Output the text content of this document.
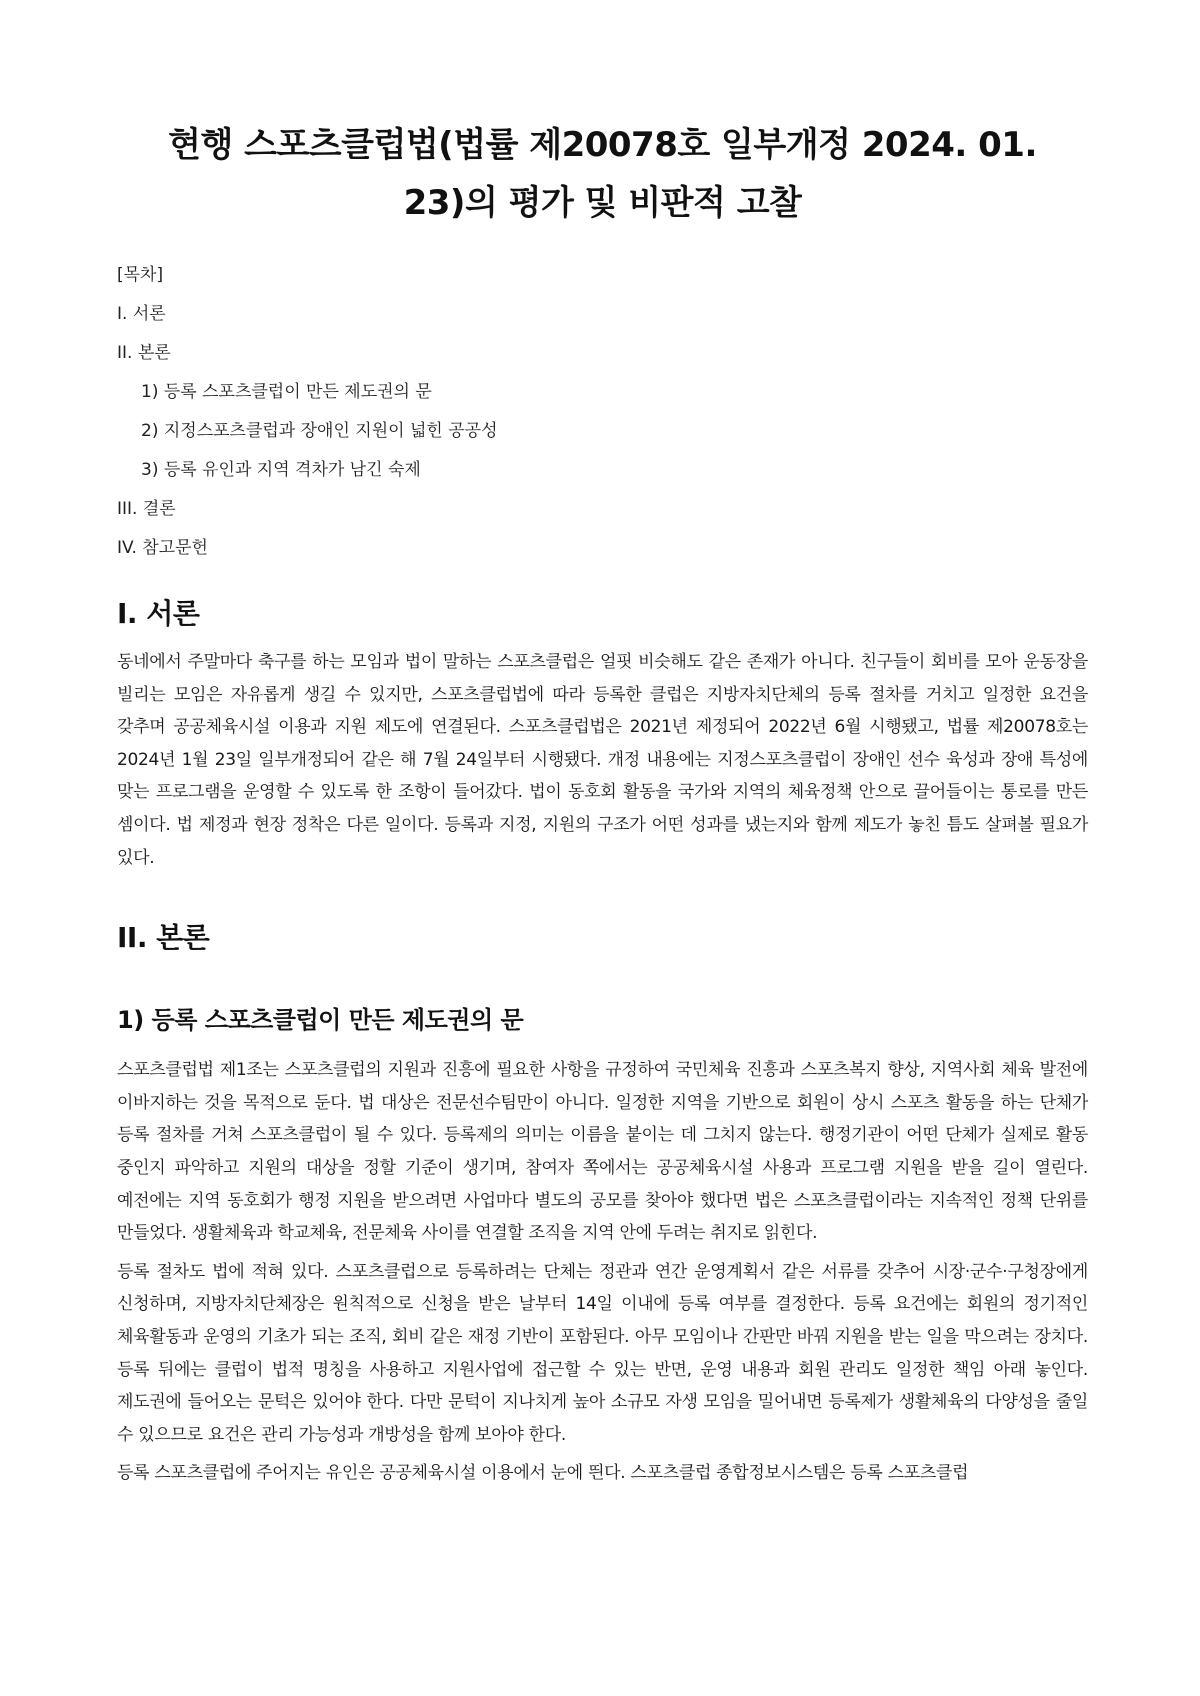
현행 스포츠클럽법(법률 제20078호 일부개정 2024. 01. 23)의 평가 및 비판적 고찰
[목차]
I. 서론
II. 본론
1) 등록 스포츠클럽이 만든 제도권의 문
2) 지정스포츠클럽과 장애인 지원이 넓힌 공공성
3) 등록 유인과 지역 격차가 남긴 숙제
III. 결론
IV. 참고문헌
I. 서론

동네에서 주말마다 축구를 하는 모임과 법이 말하는 스포츠클럽은 얼핏 비슷해도 같은 존재가 아니다. 친구들이 회비를 모아 운동장을 빌리는 모임은 자유롭게 생길 수 있지만, 스포츠클럽법에 따라 등록한 클럽은 지방자치단체의 등록 절차를 거치고 일정한 요건을 갖추며 공공체육시설 이용과 지원 제도에 연결된다. 스포츠클럽법은 2021년 제정되어 2022년 6월 시행됐고, 법률 제20078호는 2024년 1월 23일 일부개정되어 같은 해 7월 24일부터 시행됐다. 개정 내용에는 지정스포츠클럽이 장애인 선수 육성과 장애 특성에 맞는 프로그램을 운영할 수 있도록 한 조항이 들어갔다. 법이 동호회 활동을 국가와 지역의 체육정책 안으로 끌어들이는 통로를 만든 셈이다. 법 제정과 현장 정착은 다른 일이다. 등록과 지정, 지원의 구조가 어떤 성과를 냈는지와 함께 제도가 놓친 틈도 살펴볼 필요가 있다.

II. 본론
1) 등록 스포츠클럽이 만든 제도권의 문

스포츠클럽법 제1조는 스포츠클럽의 지원과 진흥에 필요한 사항을 규정하여 국민체육 진흥과 스포츠복지 향상, 지역사회 체육 발전에 이바지하는 것을 목적으로 둔다. 법 대상은 전문선수팀만이 아니다. 일정한 지역을 기반으로 회원이 상시 스포츠 활동을 하는 단체가 등록 절차를 거쳐 스포츠클럽이 될 수 있다. 등록제의 의미는 이름을 붙이는 데 그치지 않는다. 행정기관이 어떤 단체가 실제로 활동 중인지 파악하고 지원의 대상을 정할 기준이 생기며, 참여자 쪽에서는 공공체육시설 사용과 프로그램 지원을 받을 길이 열린다. 예전에는 지역 동호회가 행정 지원을 받으려면 사업마다 별도의 공모를 찾아야 했다면 법은 스포츠클럽이라는 지속적인 정책 단위를 만들었다. 생활체육과 학교체육, 전문체육 사이를 연결할 조직을 지역 안에 두려는 취지로 읽힌다.

등록 절차도 법에 적혀 있다. 스포츠클럽으로 등록하려는 단체는 정관과 연간 운영계획서 같은 서류를 갖추어 시장·군수·구청장에게 신청하며, 지방자치단체장은 원칙적으로 신청을 받은 날부터 14일 이내에 등록 여부를 결정한다. 등록 요건에는 회원의 정기적인 체육활동과 운영의 기초가 되는 조직, 회비 같은 재정 기반이 포함된다. 아무 모임이나 간판만 바꿔 지원을 받는 일을 막으려는 장치다. 등록 뒤에는 클럽이 법적 명칭을 사용하고 지원사업에 접근할 수 있는 반면, 운영 내용과 회원 관리도 일정한 책임 아래 놓인다. 제도권에 들어오는 문턱은 있어야 한다. 다만 문턱이 지나치게 높아 소규모 자생 모임을 밀어내면 등록제가 생활체육의 다양성을 줄일 수 있으므로 요건은 관리 가능성과 개방성을 함께 보아야 한다.

등록 스포츠클럽에 주어지는 유인은 공공체육시설 이용에서 눈에 띈다. 스포츠클럽 종합정보시스템은 등록 스포츠클럽
